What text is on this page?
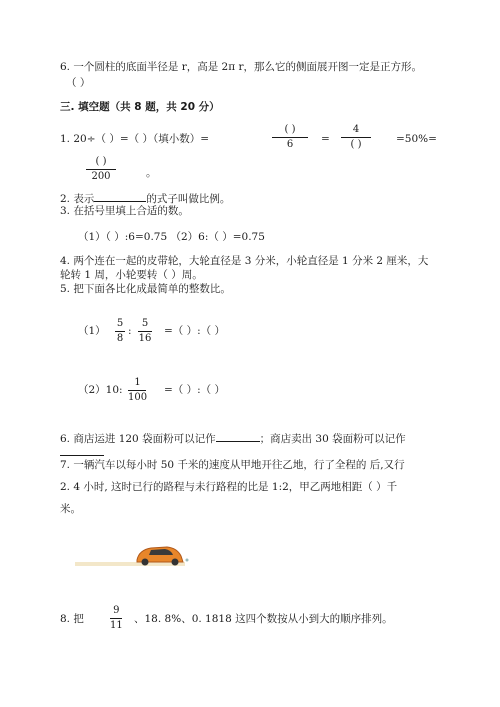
6. 一个圆柱的底面半径是 r，高是 2π r，那么它的侧面展开图一定是正方形。
（ ）
三. 填空题（共 8 题，共 20 分）
1. 20÷（ ）=（ ）（填小数）=
( )
6	=
4
( )	=50%=
( )
200	。
2. 表示	的式子叫做比例。
3. 在括号里填上合适的数。
（1）（ ）:6=0.75 （2）6:（ ）=0.75
4. 两个连在一起的皮带轮，大轮直径是 3 分米，小轮直径是 1 分米 2 厘米，大
轮转 1 周，小轮要转（ ）周。
5. 把下面各比化成最简单的整数比。
（1）
5
8
:
5
16
=（ ）:（ ）
（2）10:
1
100
=（ ）:（ ）
6. 商店运进 120 袋面粉可以记作	；商店卖出 30 袋面粉可以记作
7. 一辆汽车以每小时 50 千米的速度从甲地开往乙地，行了全程的 后,又行
2. 4 小时, 这时已行的路程与未行路程的比是 1:2，甲乙两地相距（ ）千
米。
8. 把
9
11
、18. 8%、0. 1818 这四个数按从小到大的顺序排列。
